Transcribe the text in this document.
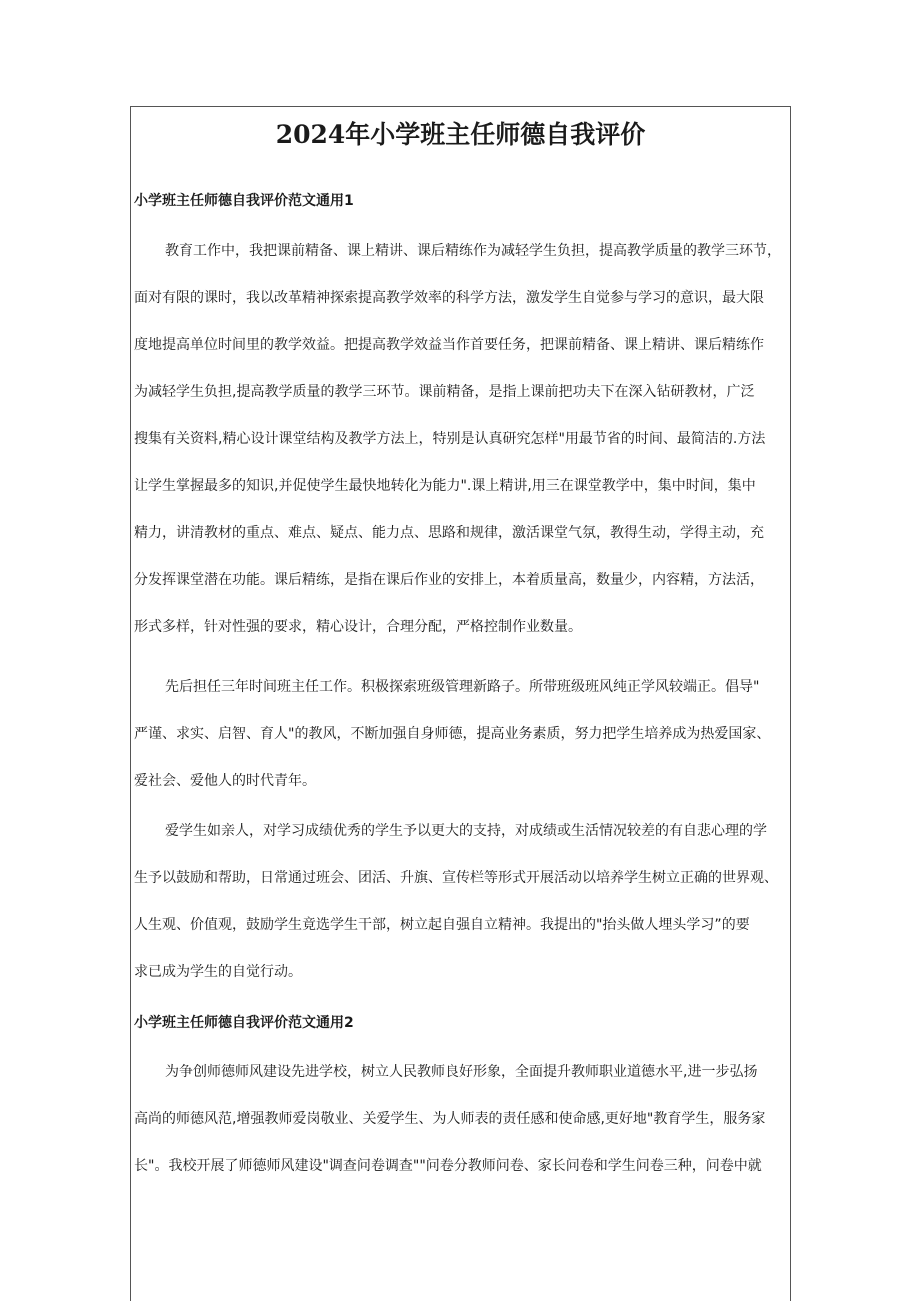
2024年小学班主任师德自我评价
小学班主任师德自我评价范文通用1
教育工作中，我把课前精备、课上精讲、课后精练作为减轻学生负担，提高教学质量的教学三环节，
面对有限的课时，我以改革精神探索提高教学效率的科学方法，激发学生自觉参与学习的意识，最大限
度地提高单位时间里的教学效益。把提高教学效益当作首要任务，把课前精备、课上精讲、课后精练作
为减轻学生负担,提高教学质量的教学三环节。课前精备，是指上课前把功夫下在深入钻研教材，广泛
搜集有关资料,精心设计课堂结构及教学方法上，特别是认真研究怎样"用最节省的时间、最简洁的.方法
让学生掌握最多的知识,并促使学生最快地转化为能力".课上精讲,用三在课堂教学中，集中时间，集中
精力，讲清教材的重点、难点、疑点、能力点、思路和规律，激活课堂气氛，教得生动，学得主动，充
分发挥课堂潜在功能。课后精练，是指在课后作业的安排上，本着质量高，数量少，内容精，方法活，
形式多样，针对性强的要求，精心设计，合理分配，严格控制作业数量。
先后担任三年时间班主任工作。积极探索班级管理新路子。所带班级班风纯正学风较端正。倡导"
严谨、求实、启智、育人"的教风，不断加强自身师德，提高业务素质，努力把学生培养成为热爱国家、
爱社会、爱他人的时代青年。
爱学生如亲人，对学习成绩优秀的学生予以更大的支持，对成绩或生活情况较差的有自悲心理的学
生予以鼓励和帮助，日常通过班会、团活、升旗、宣传栏等形式开展活动以培养学生树立正确的世界观、
人生观、价值观，鼓励学生竟选学生干部，树立起自强自立精神。我提出的"抬头做人埋头学习”的要
求已成为学生的自觉行动。
小学班主任师德自我评价范文通用2
为争创师德师风建设先进学校，树立人民教师良好形象，全面提升教师职业道德水平,进一步弘扬
高尚的师德风范,增强教师爱岗敬业、关爱学生、为人师表的责任感和使命感,更好地"教育学生，服务家
长"。我校开展了师德师风建设"调查问卷调查""问卷分教师问卷、家长问卷和学生问卷三种，问卷中就
